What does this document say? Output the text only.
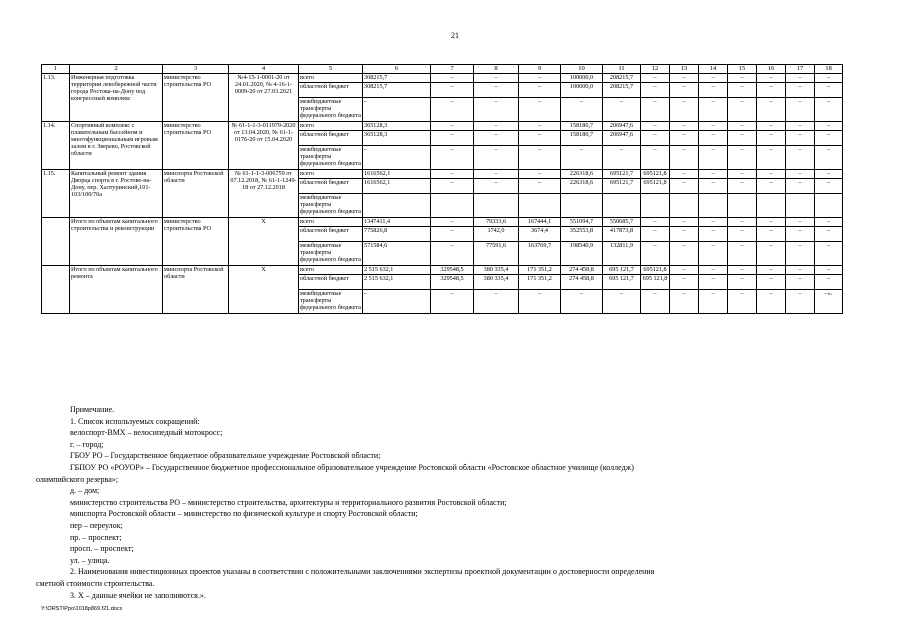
21
1	2	3	4	5	6	7	8	9	10	11	12	13	14	15	16	17	18
1.13.	Инженерная подготовка территории левобережной части города Ростова-на-Дону под конгрессный комплекс	министерство строительства РО	№4-15-1-0001-20 от 24.01.2020, № 4-16-1-0009-20 от 27.03.2021	всего	308215,7	–	–	–	100000,0	208215,7	–	–	–	–	–	–	–
				областной бюджет	308215,7	–	–	–	100000,0	208215,7	–	–	–	–	–	–	–
				межбюджетные трансферты федерального бюджета	–	–	–	–	–	–	–	–	–	–	–	–	–
1.14.	Спортивный комплекс с плавательным бассейном и многофункциональным игровым залом в г. Зверево, Ростовской области	министерство строительства РО	№ 61-1-1-3-011979-2020 от 13.04.2020, № 61-1-0176-20 от 15.04.2020	всего	365128,3	–	–	–	158180,7	206947,6	–	–	–	–	–	–	–
				областной бюджет	365128,3	–	–	–	158180,7	206947,6	–	–	–	–	–	–	–
				межбюджетные трансферты федерального бюджета	–	–	–	–	–	–	–	–	–	–	–	–	–
1.15.	Капитальный ремонт здания Дворца спорта в г. Ростове-на-Дону, пер. Халтуринский,101-103/100/70а	минспорта Ростовской области	№ 61-1-1-3-006759 от 07.12.2018, № 61-1-1249-18 от 27.12.2018	всего	1616562,1	–	–	–	226318,6	695121,7	695121,8	–	–	–	–	–	–
				областной бюджет	1616562,1	–	–	–	226318,6	695121,7	695121,8	–	–	–	–	–	–
				межбюджетные трансферты федерального бюджета													
	Итого по объектам капитального строительства и реконструкции	министерство строительства РО	Х	всего	1347411,4	–	79333,6	167444,1	551094,7	550685,7	–	–	–	–	–	–	–
				областной бюджет	775826,8	–	1742,0	3674,4	352553,8	417873,8	–	–	–	–	–	–	–
				межбюджетные трансферты федерального бюджета	571584,6	–	77591,6	163769,7	198540,9	132811,9	–	–	–	–	–	–	–
	Итого по объектам капитального ремонта	минспорта Ростовской области	Х	всего	2 515 632,1	329548,5	380 335,4	171 351,2	274 458,8	695 121,7	695121,8	–	–	–	–	–	–
				областной бюджет	2 515 632,1	329548,5	380 335,4	171 351,2	274 458,8	695 121,7	695 121,8	–	–	–	–	–	–
				межбюджетные трансферты федерального бюджета	–	–	–	–	–	–	–	–	–	–	–	–	–».

Примечание.

1. Список используемых сокращений:

велоспорт-ВМХ – велосипедный мотокросс;

г. – город;

ГБОУ РО – Государственное бюджетное образовательное учреждение Ростовской области;

ГБПОУ РО «РОУОР» – Государственное бюджетное профессиональное образовательное учреждение Ростовской области «Ростовское областное училище (колледж)

олимпийского резерва»;

д. – дом;

министерство строительства РО – министерство строительства, архитектуры и территориального развития Ростовской области;

минспорта Ростовской области – министерство по физической культуре и спорту Ростовской области;

пер – переулок;

пр. – проспект;

просп. – проспект;

ул. – улица.

2. Наименования инвестиционных проектов указаны в соответствии с положительными заключениями экспертизы проектной документации о достоверности определения

сметной стоимости строительства.

3. Х – данные ячейки не заполняются.».

Y:\ORST\Ppo\1018p869.f21.docx
